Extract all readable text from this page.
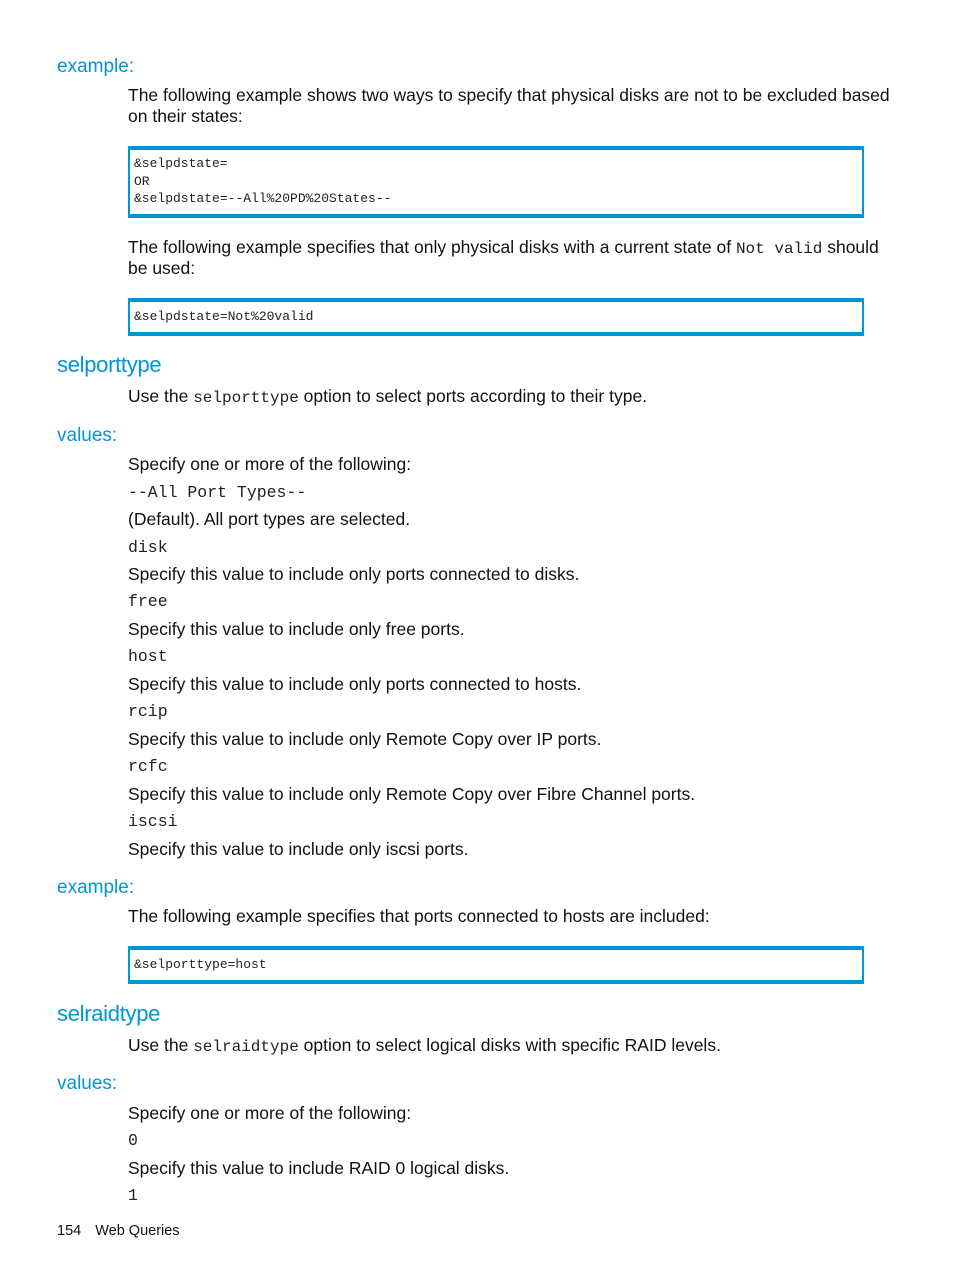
example:
The following example shows two ways to specify that physical disks are not to be excluded based
on their states:
&selpdstate=
OR
&selpdstate=--All%20PD%20States--
The following example specifies that only physical disks with a current state of Not valid should
be used:
&selpdstate=Not%20valid
selporttype
Use the selporttype option to select ports according to their type.
values:
Specify one or more of the following:
--All Port Types--
(Default). All port types are selected.
disk
Specify this value to include only ports connected to disks.
free
Specify this value to include only free ports.
host
Specify this value to include only ports connected to hosts.
rcip
Specify this value to include only Remote Copy over IP ports.
rcfc
Specify this value to include only Remote Copy over Fibre Channel ports.
iscsi
Specify this value to include only iscsi ports.
example:
The following example specifies that ports connected to hosts are included:
&selporttype=host
selraidtype
Use the selraidtype option to select logical disks with specific RAID levels.
values:
Specify one or more of the following:
0
Specify this value to include RAID 0 logical disks.
1
154 Web Queries
